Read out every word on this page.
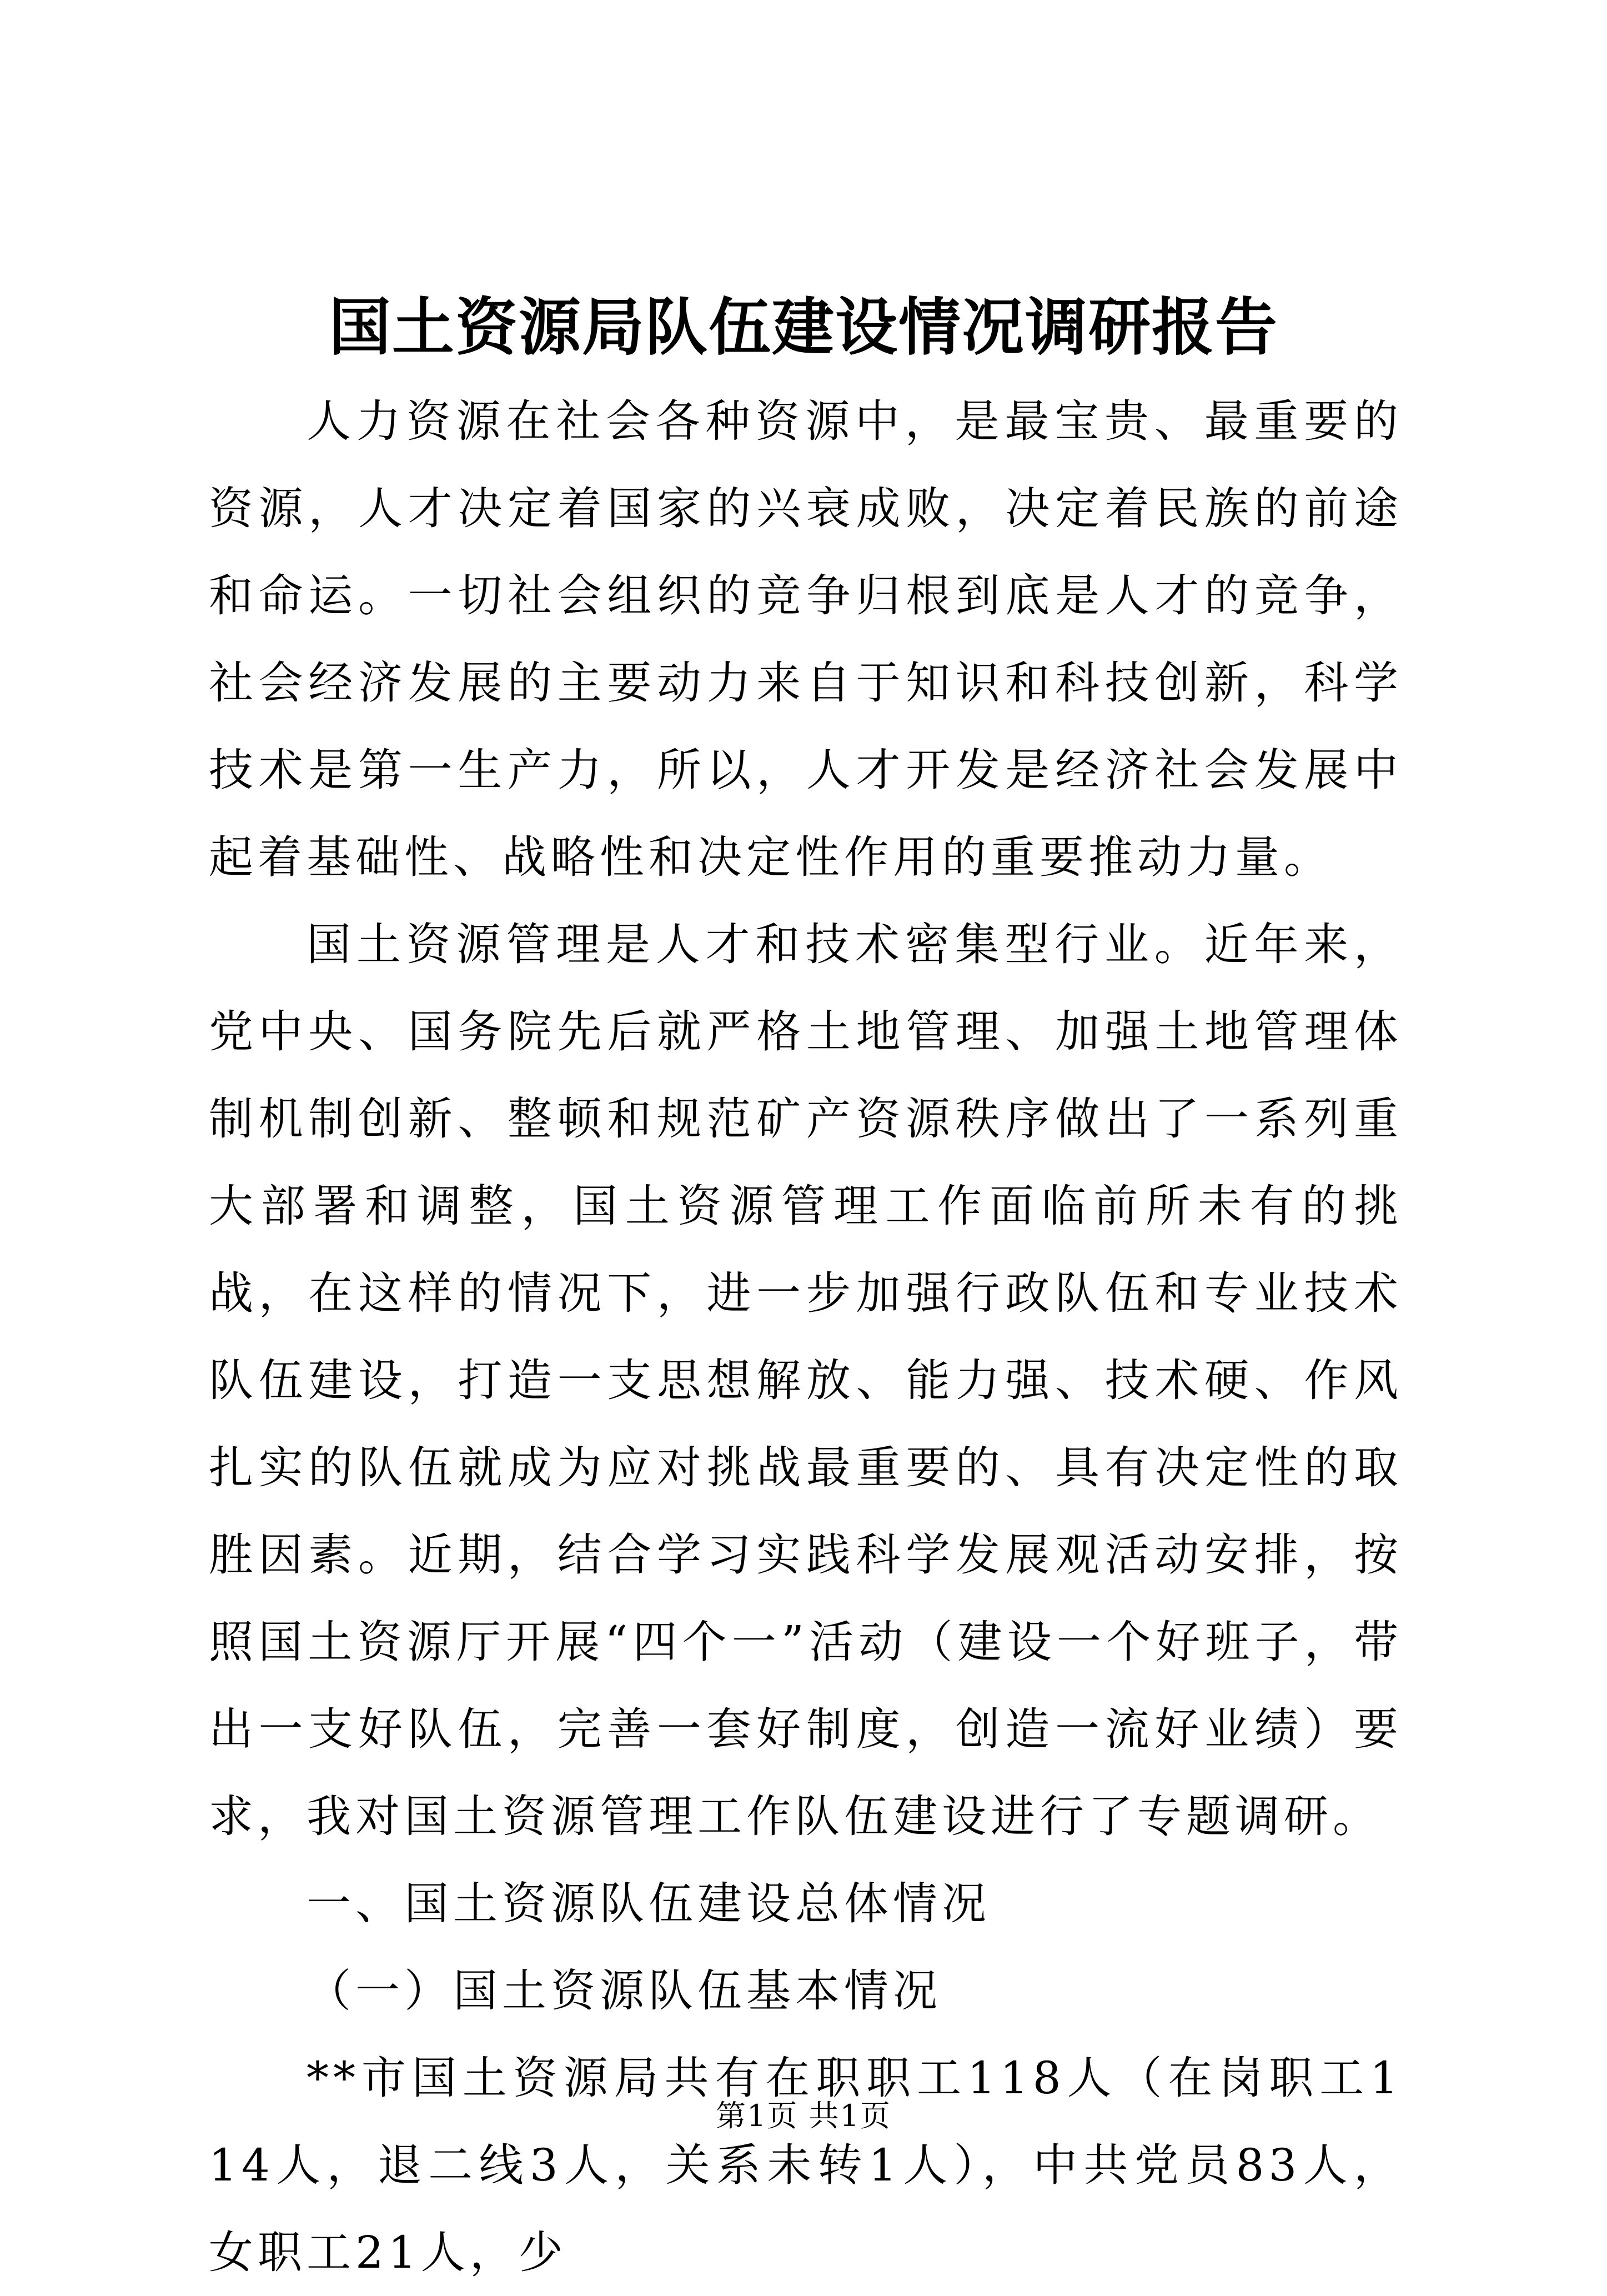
国土资源局队伍建设情况调研报告

人力资源在社会各种资源中，是最宝贵、最重要的资源，人才决定着国家的兴衰成败，决定着民族的前途和命运。一切社会组织的竞争归根到底是人才的竞争，社会经济发展的主要动力来自于知识和科技创新，科学技术是第一生产力，所以，人才开发是经济社会发展中起着基础性、战略性和决定性作用的重要推动力量。

国土资源管理是人才和技术密集型行业。近年来，党中央、国务院先后就严格土地管理、加强土地管理体制机制创新、整顿和规范矿产资源秩序做出了一系列重大部署和调整，国土资源管理工作面临前所未有的挑战，在这样的情况下，进一步加强行政队伍和专业技术队伍建设，打造一支思想解放、能力强、技术硬、作风扎实的队伍就成为应对挑战最重要的、具有决定性的取胜因素。近期，结合学习实践科学发展观活动安排，按照国土资源厅开展“四个一”活动（建设一个好班子，带出一支好队伍，完善一套好制度，创造一流好业绩）要求，我对国土资源管理工作队伍建设进行了专题调研。

一、国土资源队伍建设总体情况

（一）国土资源队伍基本情况

**市国土资源局共有在职职工118人（在岗职工114人，退二线3人，关系未转1人），中共党员83人，女职工21人，少

第1页 共1页
